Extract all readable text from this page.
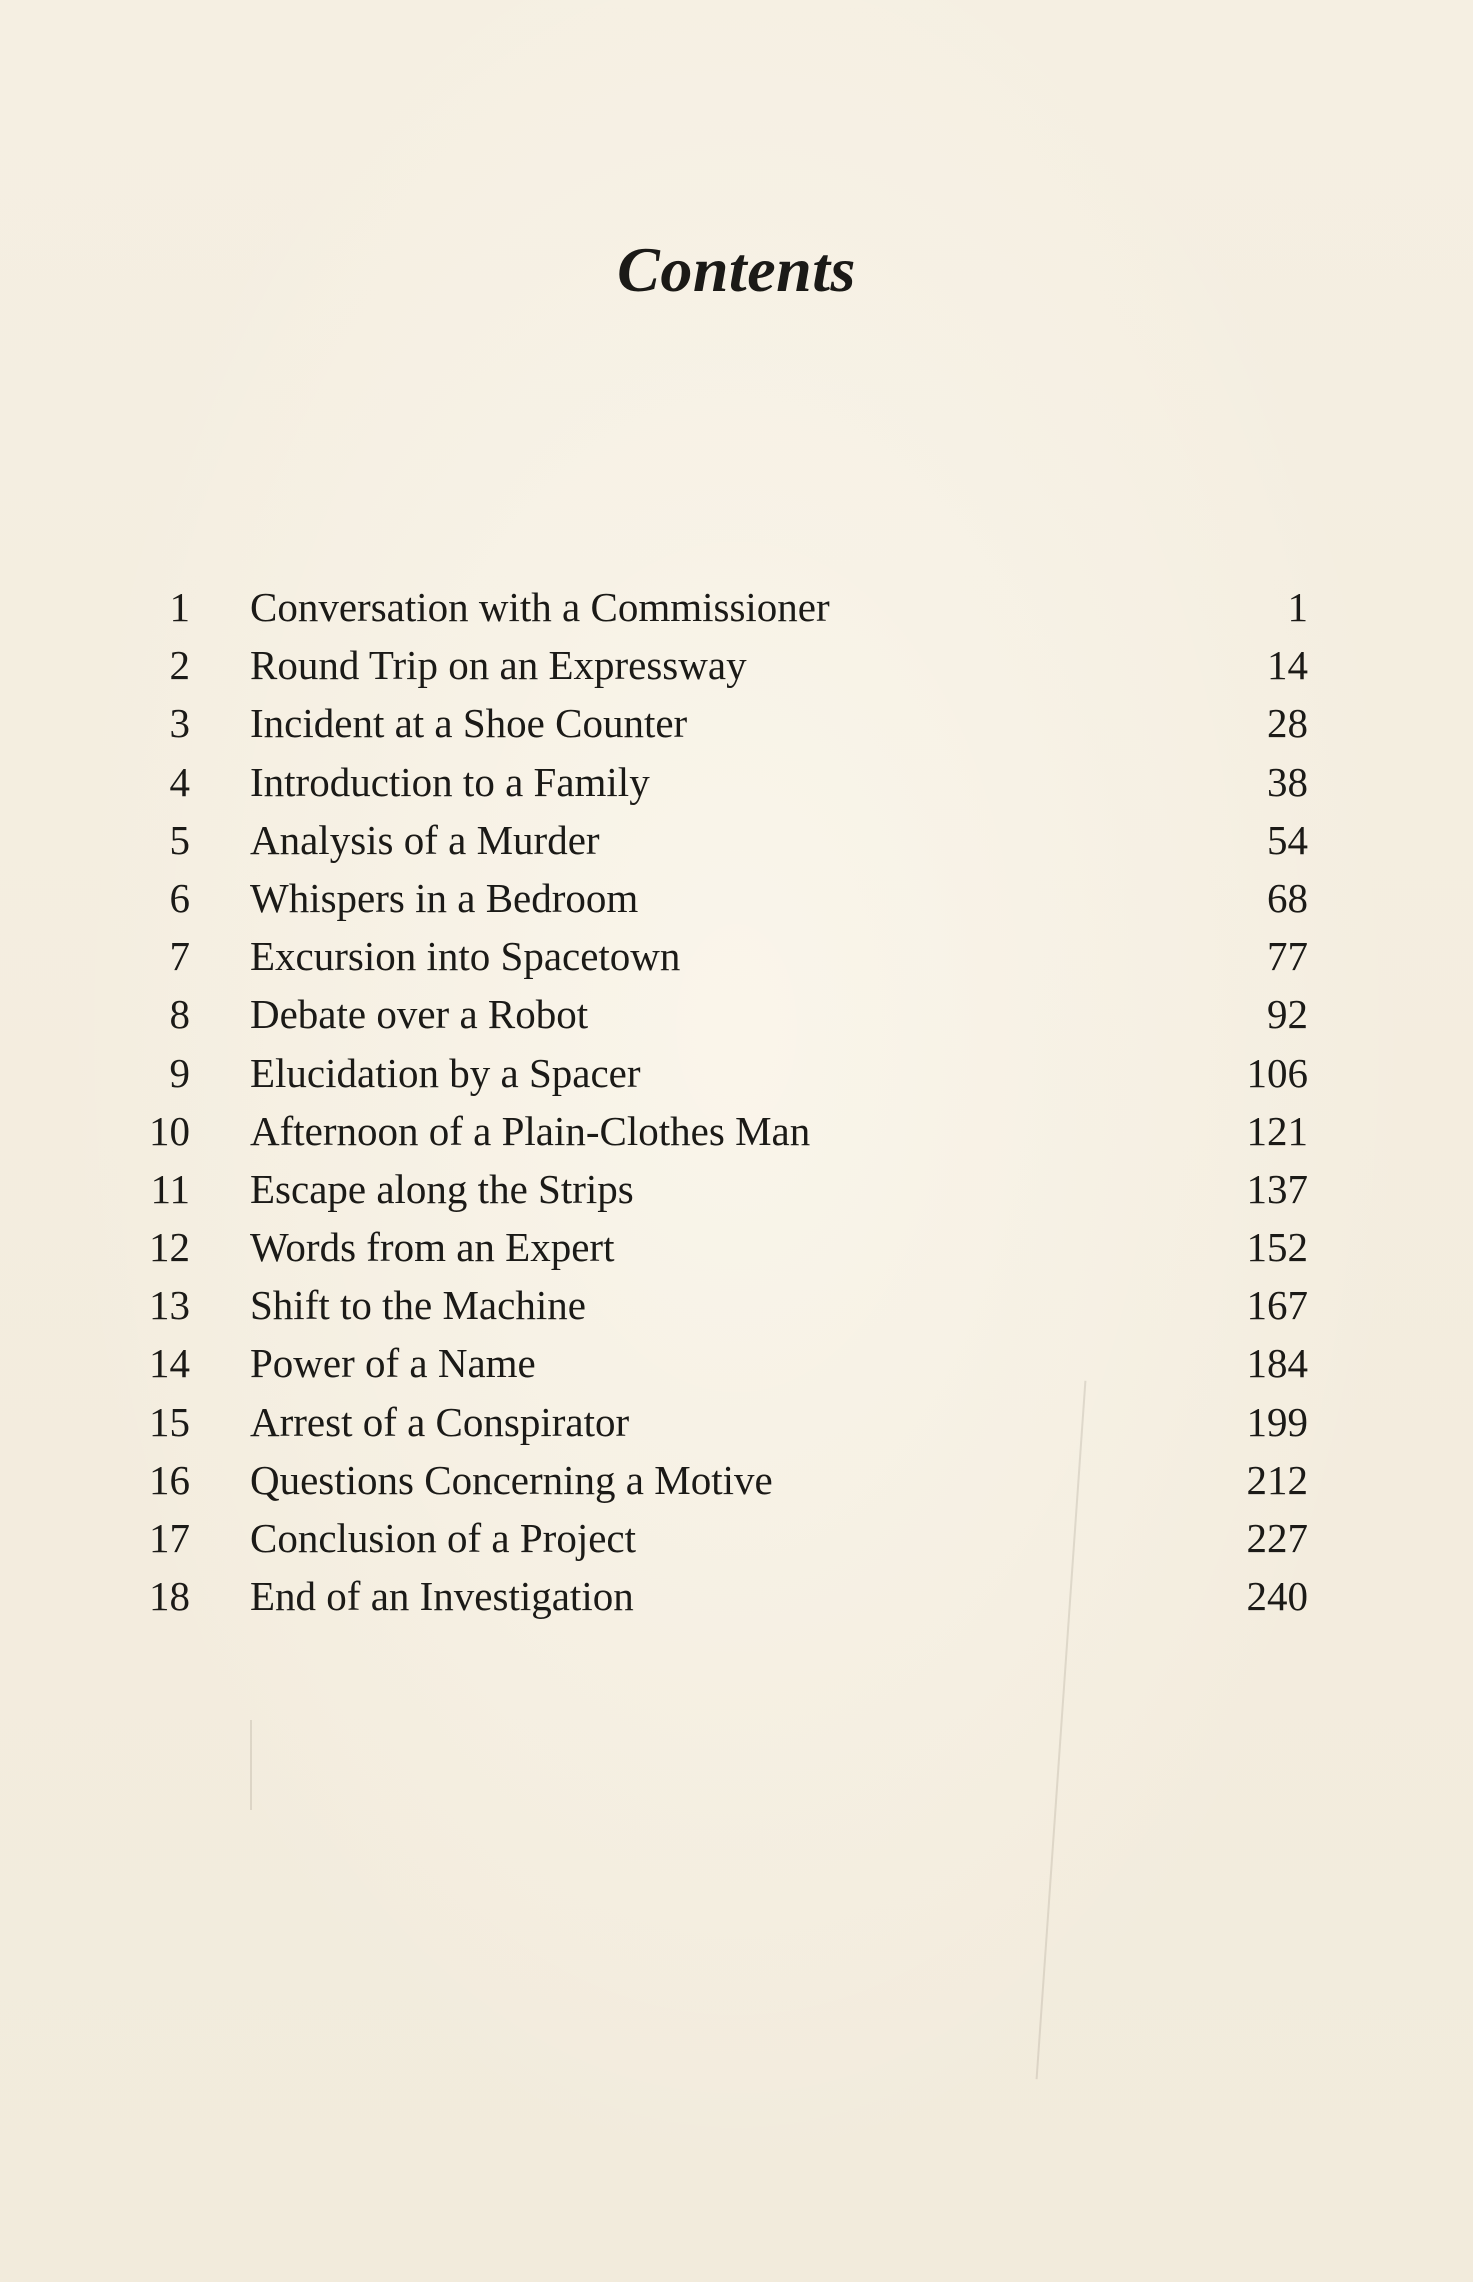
Contents
1 Conversation with a Commissioner	1
2 Round Trip on an Expressway	14
3 Incident at a Shoe Counter	28
4 Introduction to a Family	38
5 Analysis of a Murder	54
6 Whispers in a Bedroom	68
7 Excursion into Spacetown	77
8 Debate over a Robot	92
9 Elucidation by a Spacer	106
10 Afternoon of a Plain-Clothes Man	121
11 Escape along the Strips	137
12 Words from an Expert	152
13 Shift to the Machine	167
14 Power of a Name	184
15 Arrest of a Conspirator	199
16 Questions Concerning a Motive	212
17 Conclusion of a Project	227
18 End of an Investigation	240
